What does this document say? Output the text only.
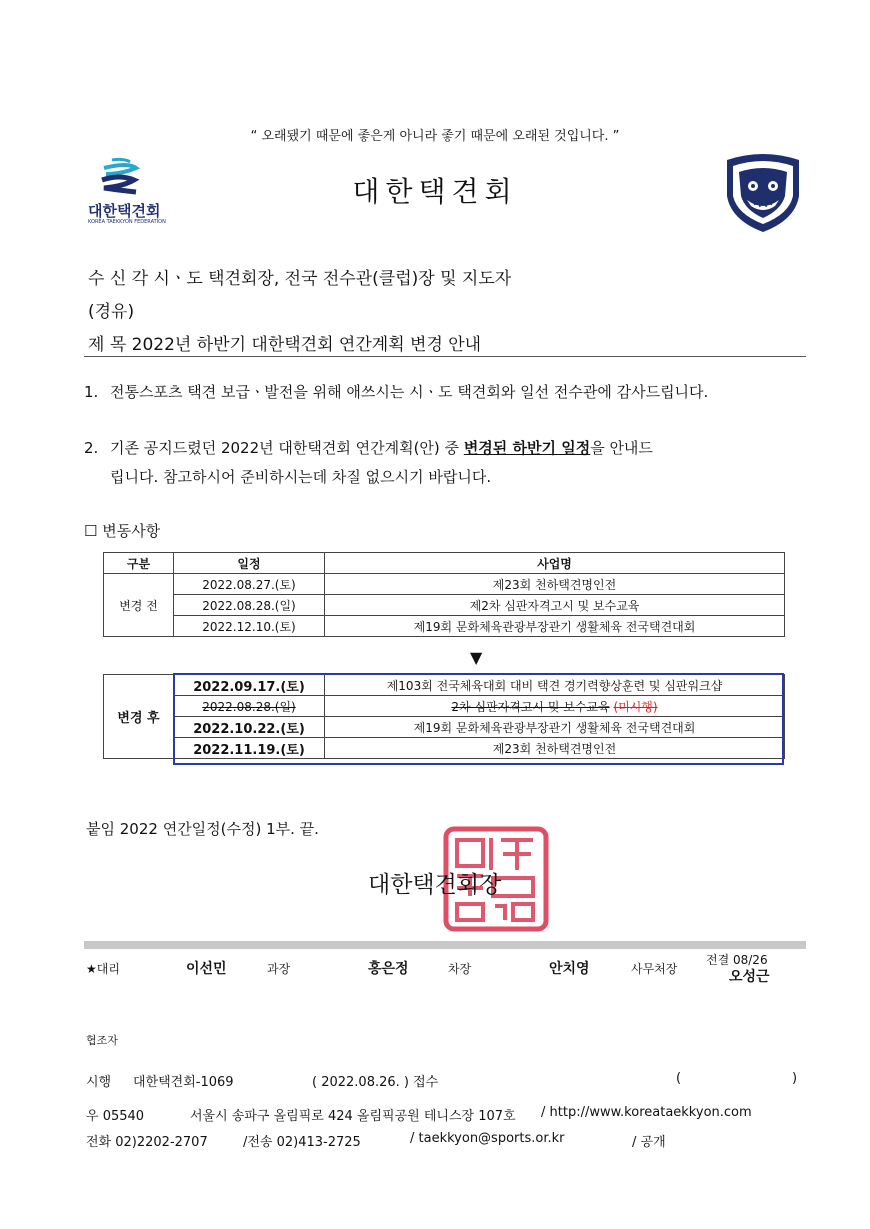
“ 오래됐기 때문에 좋은게 아니라 좋기 때문에 오래된 것입니다. ”
대한택견회
KOREA TAEKKYON FEDERATION
대한택견회
수 신 각 시ㆍ도 택견회장, 전국 전수관(클럽)장 및 지도자
(경유)
제 목 2022년 하반기 대한택견회 연간계획 변경 안내
1. 전통스포츠 택견 보급ㆍ발전을 위해 애쓰시는 시ㆍ도 택견회와 일선 전수관에 감사드립니다.
2. 기존 공지드렸던 2022년 대한택견회 연간계획(안) 중 변경된 하반기 일정을 안내드
립니다. 참고하시어 준비하시는데 차질 없으시기 바랍니다.
☐ 변동사항
구분	일정	사업명
변경 전	2022.08.27.(토)	제23회 천하택견명인전
	2022.08.28.(일)	제2차 심판자격고시 및 보수교육
	2022.12.10.(토)	제19회 문화체육관광부장관기 생활체육 전국택견대회
▼
변경 후	2022.09.17.(토)	제103회 전국체육대회 대비 택견 경기력향상훈련 및 심판워크샵
	2022.08.28.(일)	2차 심판자격고시 및 보수교육 (미시행)
	2022.10.22.(토)	제19회 문화체육관광부장관기 생활체육 전국택견대회
	2022.11.19.(토)	제23회 천하택견명인전
붙임 2022 연간일정(수정) 1부. 끝.
대한택견회장
★대리	이선민	과장	홍은정	차장	안치영	사무처장
전결 08/26
오성근
협조자
시행 대한택견회-1069	( 2022.08.26. ) 접수	(	)
우 05540	서울시 송파구 올림픽로 424 올림픽공원 테니스장 107호 / http://www.koreataekkyon.com
전화 02)2202-2707	/전송 02)413-2725	/ taekkyon@sports.or.kr	/ 공개
